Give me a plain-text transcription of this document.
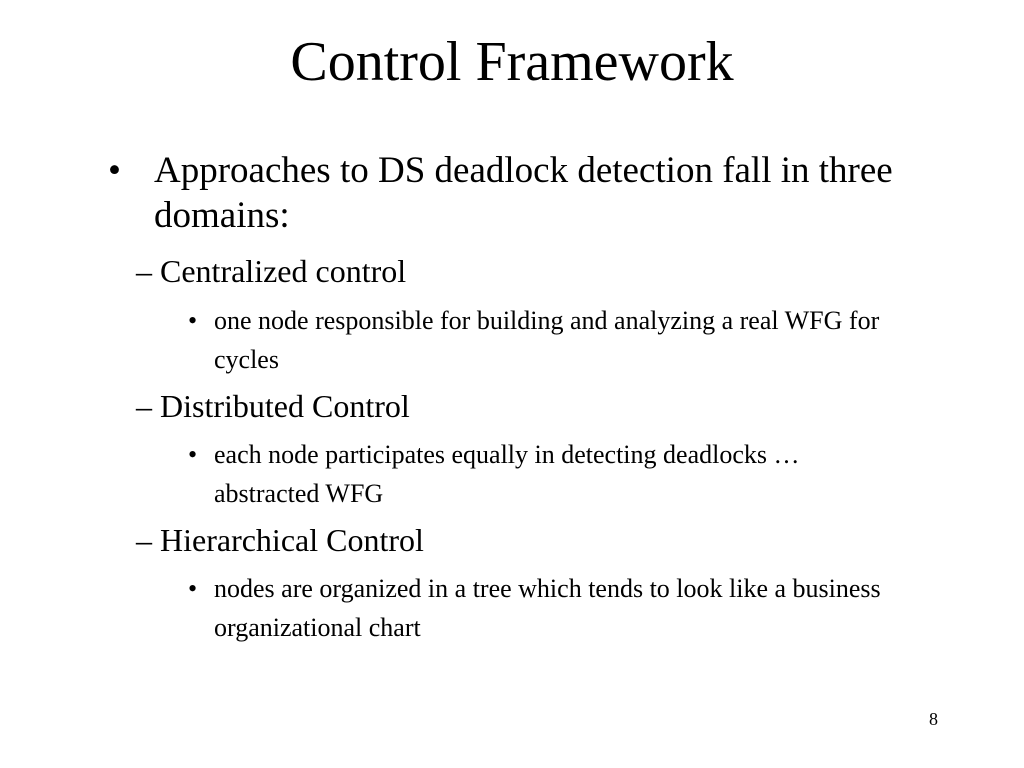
Control Framework
• Approaches to DS deadlock detection fall in three domains:
– Centralized control
• one node responsible for building and analyzing a real WFG for cycles
– Distributed Control
• each node participates equally in detecting deadlocks … abstracted WFG
– Hierarchical Control
• nodes are organized in a tree which tends to look like a business organizational chart
8
